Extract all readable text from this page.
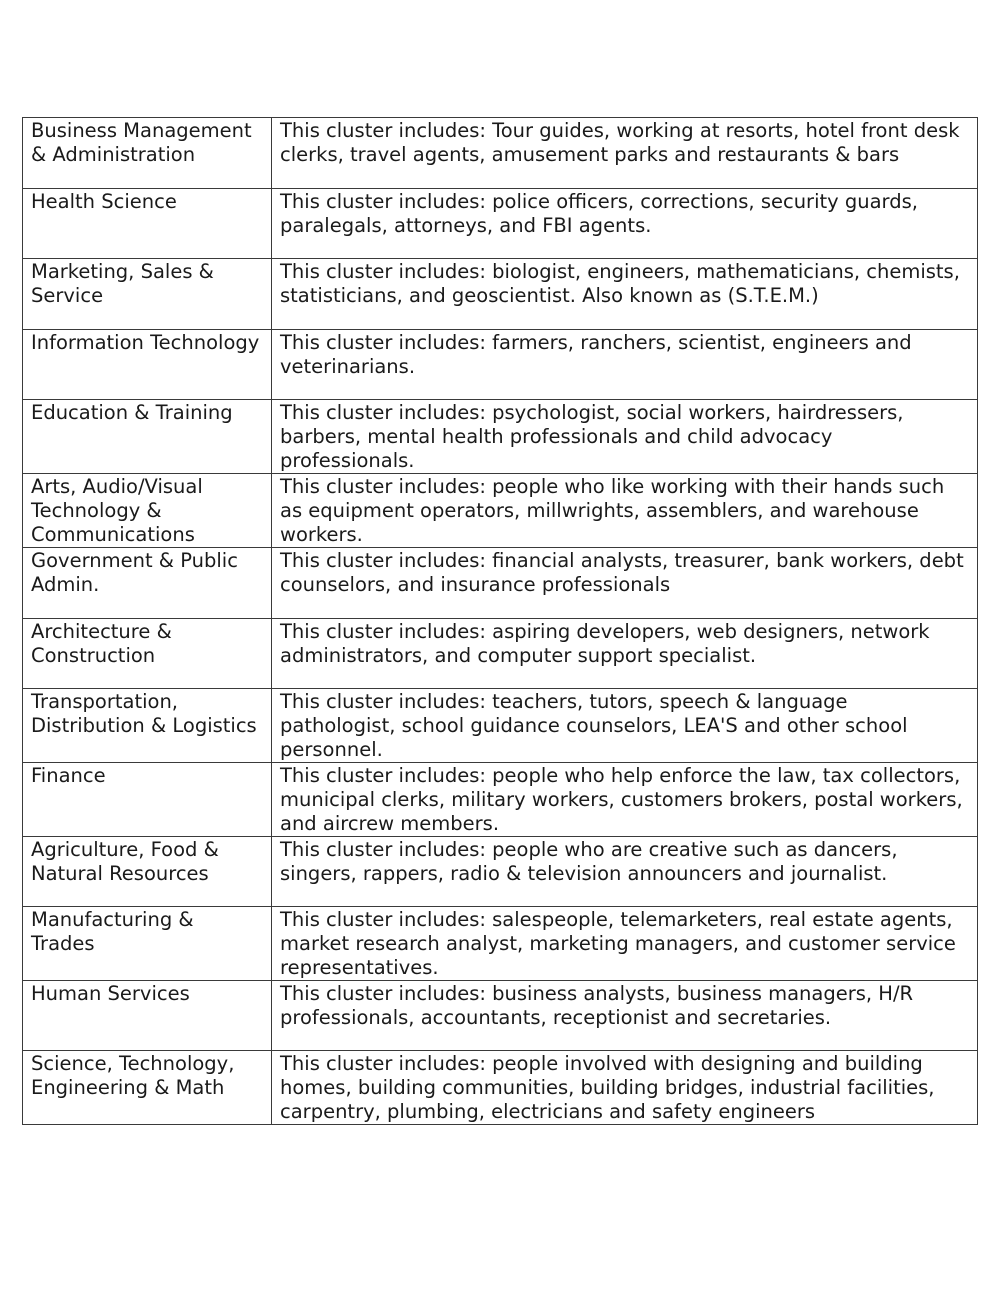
Business Management & Administration	This cluster includes: Tour guides, working at resorts, hotel front desk clerks, travel agents, amusement parks and restaurants & bars
Health Science	This cluster includes: police officers, corrections, security guards, paralegals, attorneys, and FBI agents.
Marketing, Sales & Service	This cluster includes: biologist, engineers, mathematicians, chemists, statisticians, and geoscientist. Also known as (S.T.E.M.)
Information Technology	This cluster includes: farmers, ranchers, scientist, engineers and veterinarians.
Education & Training	This cluster includes: psychologist, social workers, hairdressers, barbers, mental health professionals and child advocacy professionals.
Arts, Audio/Visual Technology & Communications	This cluster includes: people who like working with their hands such as equipment operators, millwrights, assemblers, and warehouse workers.
Government & Public Admin.	This cluster includes: financial analysts, treasurer, bank workers, debt counselors, and insurance professionals
Architecture & Construction	This cluster includes: aspiring developers, web designers, network administrators, and computer support specialist.
Transportation, Distribution & Logistics	This cluster includes: teachers, tutors, speech & language pathologist, school guidance counselors, LEA'S and other school personnel.
Finance	This cluster includes: people who help enforce the law, tax collectors, municipal clerks, military workers, customers brokers, postal workers, and aircrew members.
Agriculture, Food & Natural Resources	This cluster includes: people who are creative such as dancers, singers, rappers, radio & television announcers and journalist.
Manufacturing & Trades	This cluster includes: salespeople, telemarketers, real estate agents, market research analyst, marketing managers, and customer service representatives.
Human Services	This cluster includes: business analysts, business managers, H/R professionals, accountants, receptionist and secretaries.
Science, Technology, Engineering & Math	This cluster includes: people involved with designing and building homes, building communities, building bridges, industrial facilities, carpentry, plumbing, electricians and safety engineers
